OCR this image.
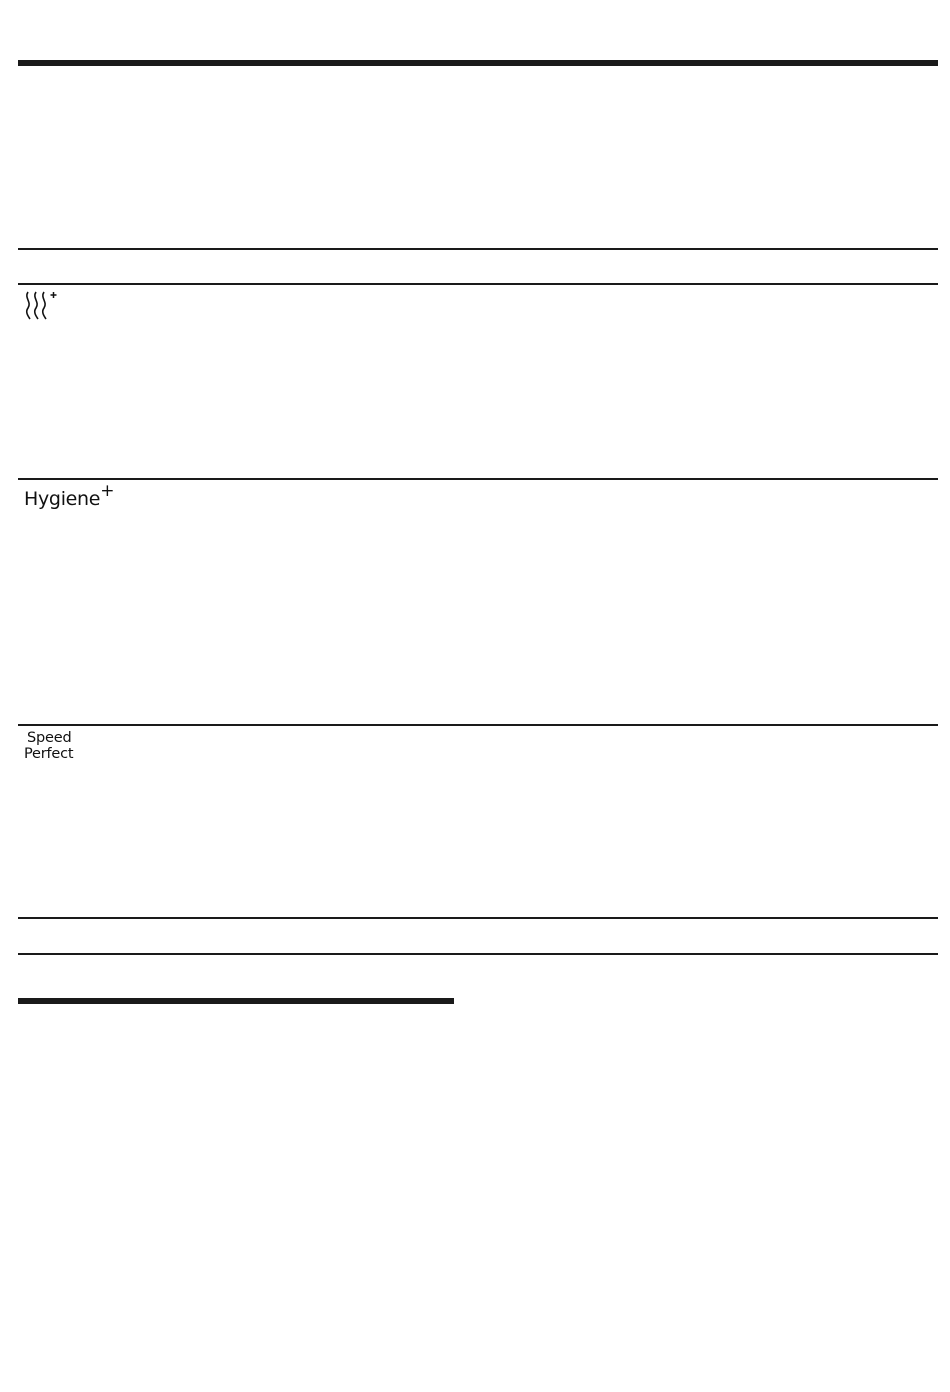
Hygiene+
Speed
Perfect
